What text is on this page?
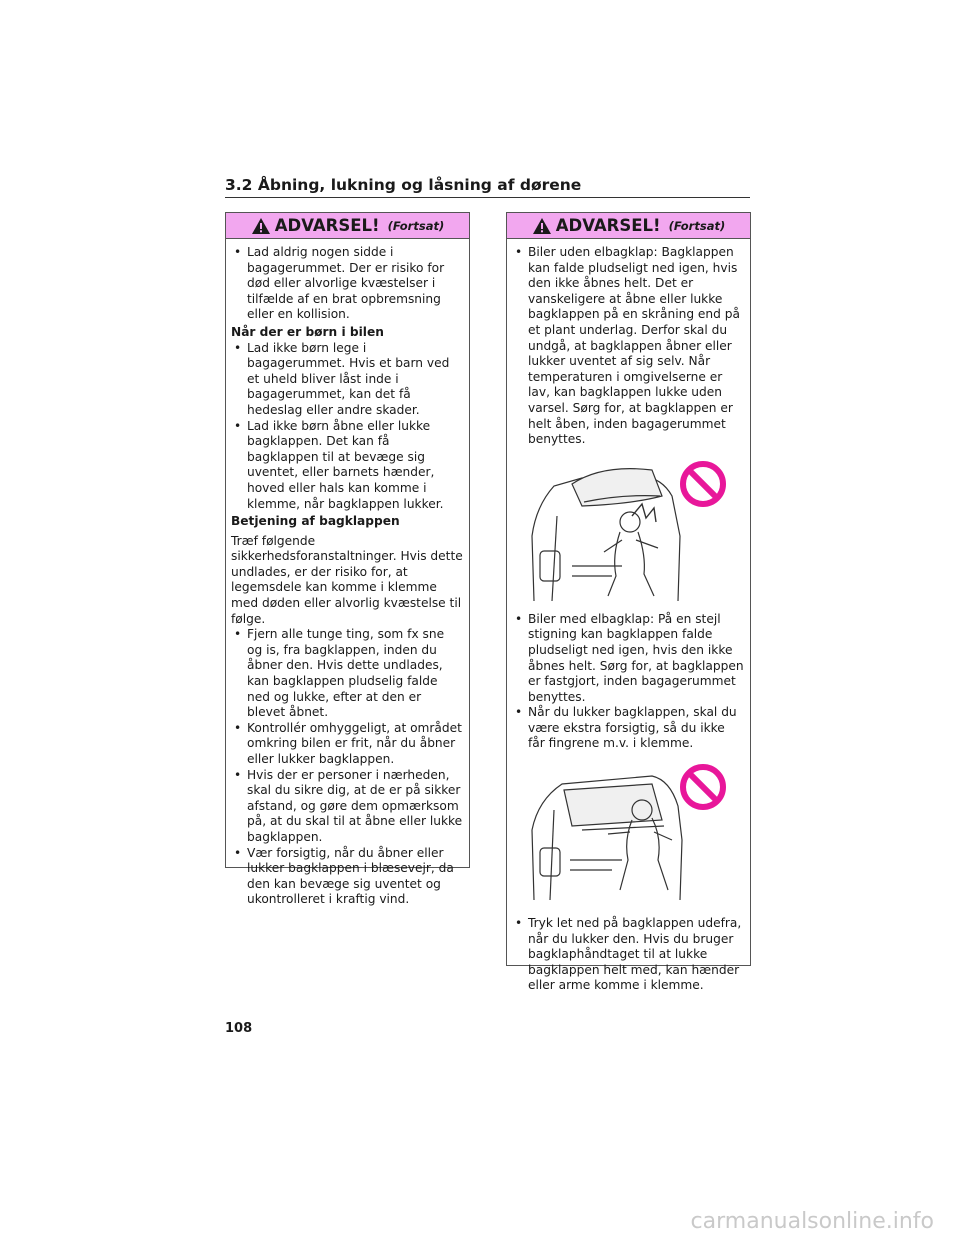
3.2 Åbning, lukning og låsning af dørene
ADVARSEL! (Fortsat)
• Lad aldrig nogen sidde i bagagerummet. Der er risiko for død eller alvorlige kvæstelser i tilfælde af en brat opbremsning eller en kollision.
Når der er børn i bilen
• Lad ikke børn lege i bagagerummet. Hvis et barn ved et uheld bliver låst inde i bagagerummet, kan det få hedeslag eller andre skader.
• Lad ikke børn åbne eller lukke bagklappen. Det kan få bagklappen til at bevæge sig uventet, eller barnets hænder, hoved eller hals kan komme i klemme, når bagklappen lukker.
Betjening af bagklappen
Træf følgende sikkerhedsforanstaltninger. Hvis dette undlades, er der risiko for, at legemsdele kan komme i klemme med døden eller alvorlig kvæstelse til følge.
• Fjern alle tunge ting, som fx sne og is, fra bagklappen, inden du åbner den. Hvis dette undlades, kan bagklappen pludselig falde ned og lukke, efter at den er blevet åbnet.
• Kontrollér omhyggeligt, at området omkring bilen er frit, når du åbner eller lukker bagklappen.
• Hvis der er personer i nærheden, skal du sikre dig, at de er på sikker afstand, og gøre dem opmærksom på, at du skal til at åbne eller lukke bagklappen.
• Vær forsigtig, når du åbner eller lukker bagklappen i blæsevejr, da den kan bevæge sig uventet og ukontrolleret i kraftig vind.
ADVARSEL! (Fortsat)
• Biler uden elbagklap: Bagklappen kan falde pludseligt ned igen, hvis den ikke åbnes helt. Det er vanskeligere at åbne eller lukke bagklappen på en skråning end på et plant underlag. Derfor skal du undgå, at bagklappen åbner eller lukker uventet af sig selv. Når temperaturen i omgivelserne er lav, kan bagklappen lukke uden varsel. Sørg for, at bagklappen er helt åben, inden bagagerummet benyttes.
• Biler med elbagklap: På en stejl stigning kan bagklappen falde pludseligt ned igen, hvis den ikke åbnes helt. Sørg for, at bagklappen er fastgjort, inden bagagerummet benyttes.
• Når du lukker bagklappen, skal du være ekstra forsigtig, så du ikke får fingrene m.v. i klemme.
• Tryk let ned på bagklappen udefra, når du lukker den. Hvis du bruger bagklaphåndtaget til at lukke bagklappen helt med, kan hænder eller arme komme i klemme.
108
carmanualsonline.info
